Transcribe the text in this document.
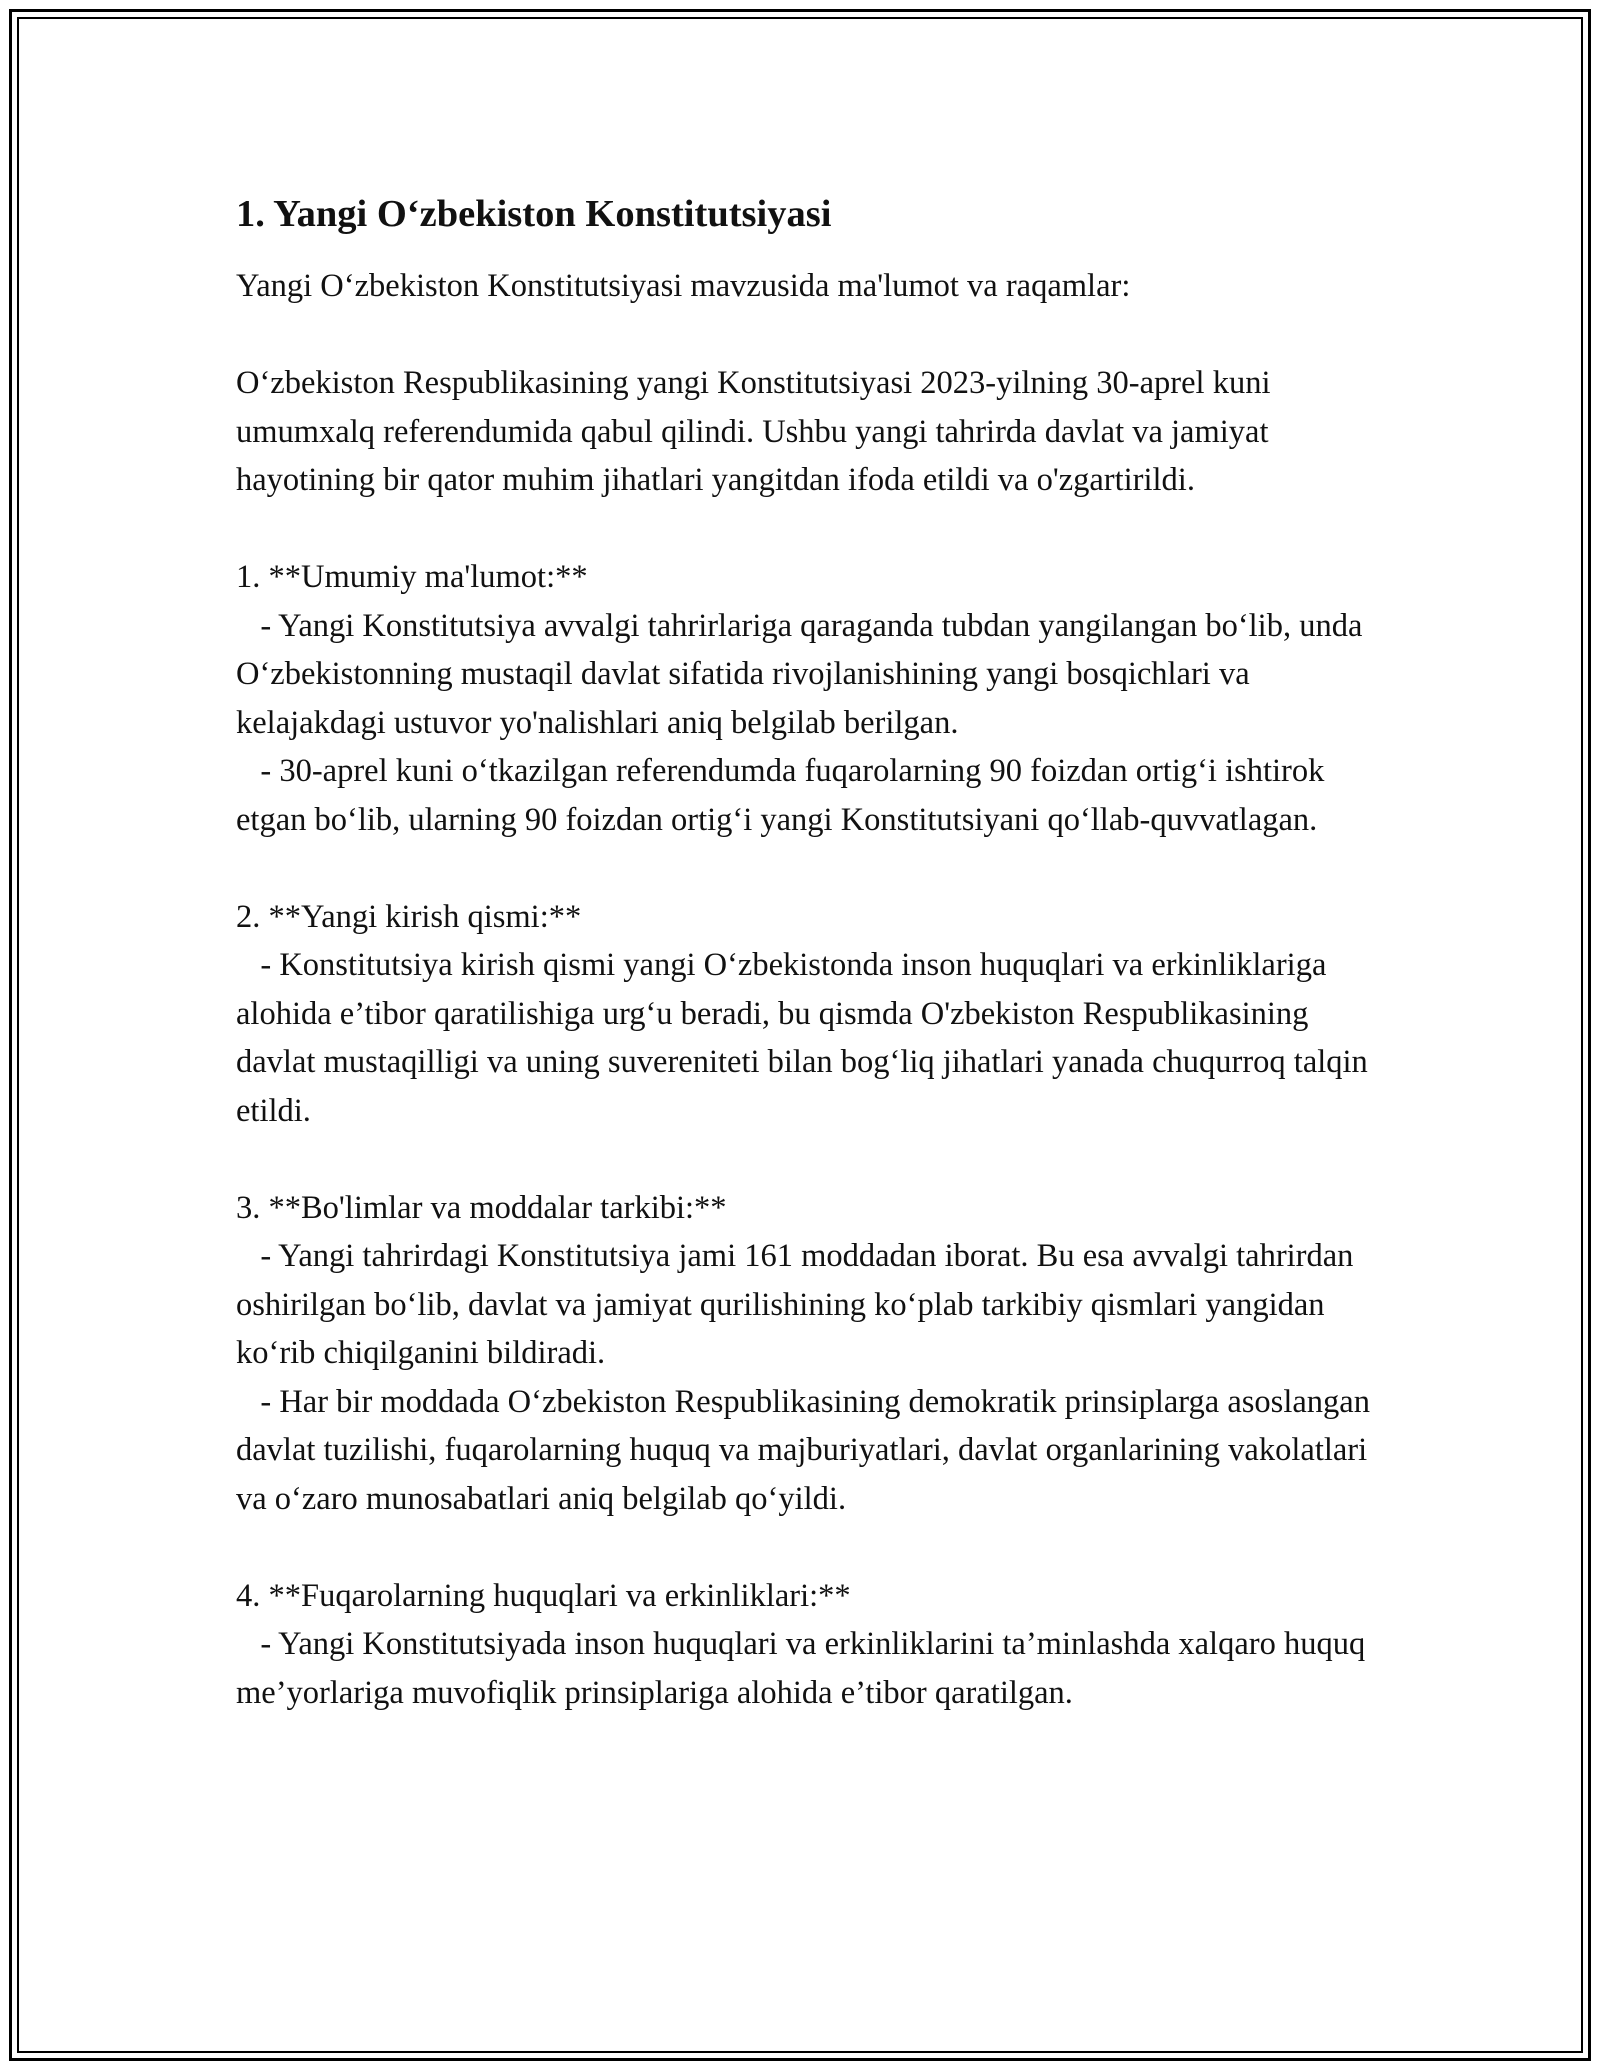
1. Yangi O‘zbekiston Konstitutsiyasi

Yangi O‘zbekiston Konstitutsiyasi mavzusida ma'lumot va raqamlar:

O‘zbekiston Respublikasining yangi Konstitutsiyasi 2023-yilning 30-aprel kuni umumxalq referendumida qabul qilindi. Ushbu yangi tahrirda davlat va jamiyat hayotining bir qator muhim jihatlari yangitdan ifoda etildi va o'zgartirildi.

1. **Umumiy ma'lumot:**

- Yangi Konstitutsiya avvalgi tahrirlariga qaraganda tubdan yangilangan bo‘lib, unda O‘zbekistonning mustaqil davlat sifatida rivojlanishining yangi bosqichlari va kelajakdagi ustuvor yo'nalishlari aniq belgilab berilgan.

- 30-aprel kuni o‘tkazilgan referendumda fuqarolarning 90 foizdan ortig‘i ishtirok etgan bo‘lib, ularning 90 foizdan ortig‘i yangi Konstitutsiyani qo‘llab-quvvatlagan.

2. **Yangi kirish qismi:**

- Konstitutsiya kirish qismi yangi O‘zbekistonda inson huquqlari va erkinliklariga alohida e’tibor qaratilishiga urg‘u beradi, bu qismda O'zbekiston Respublikasining davlat mustaqilligi va uning suvereniteti bilan bog‘liq jihatlari yanada chuqurroq talqin etildi.

3. **Bo'limlar va moddalar tarkibi:**

- Yangi tahrirdagi Konstitutsiya jami 161 moddadan iborat. Bu esa avvalgi tahrirdan oshirilgan bo‘lib, davlat va jamiyat qurilishining ko‘plab tarkibiy qismlari yangidan ko‘rib chiqilganini bildiradi.

- Har bir moddada O‘zbekiston Respublikasining demokratik prinsiplarga asoslangan davlat tuzilishi, fuqarolarning huquq va majburiyatlari, davlat organlarining vakolatlari va o‘zaro munosabatlari aniq belgilab qo‘yildi.

4. **Fuqarolarning huquqlari va erkinliklari:**

- Yangi Konstitutsiyada inson huquqlari va erkinliklarini ta’minlashda xalqaro huquq me’yorlariga muvofiqlik prinsiplariga alohida e’tibor qaratilgan.
